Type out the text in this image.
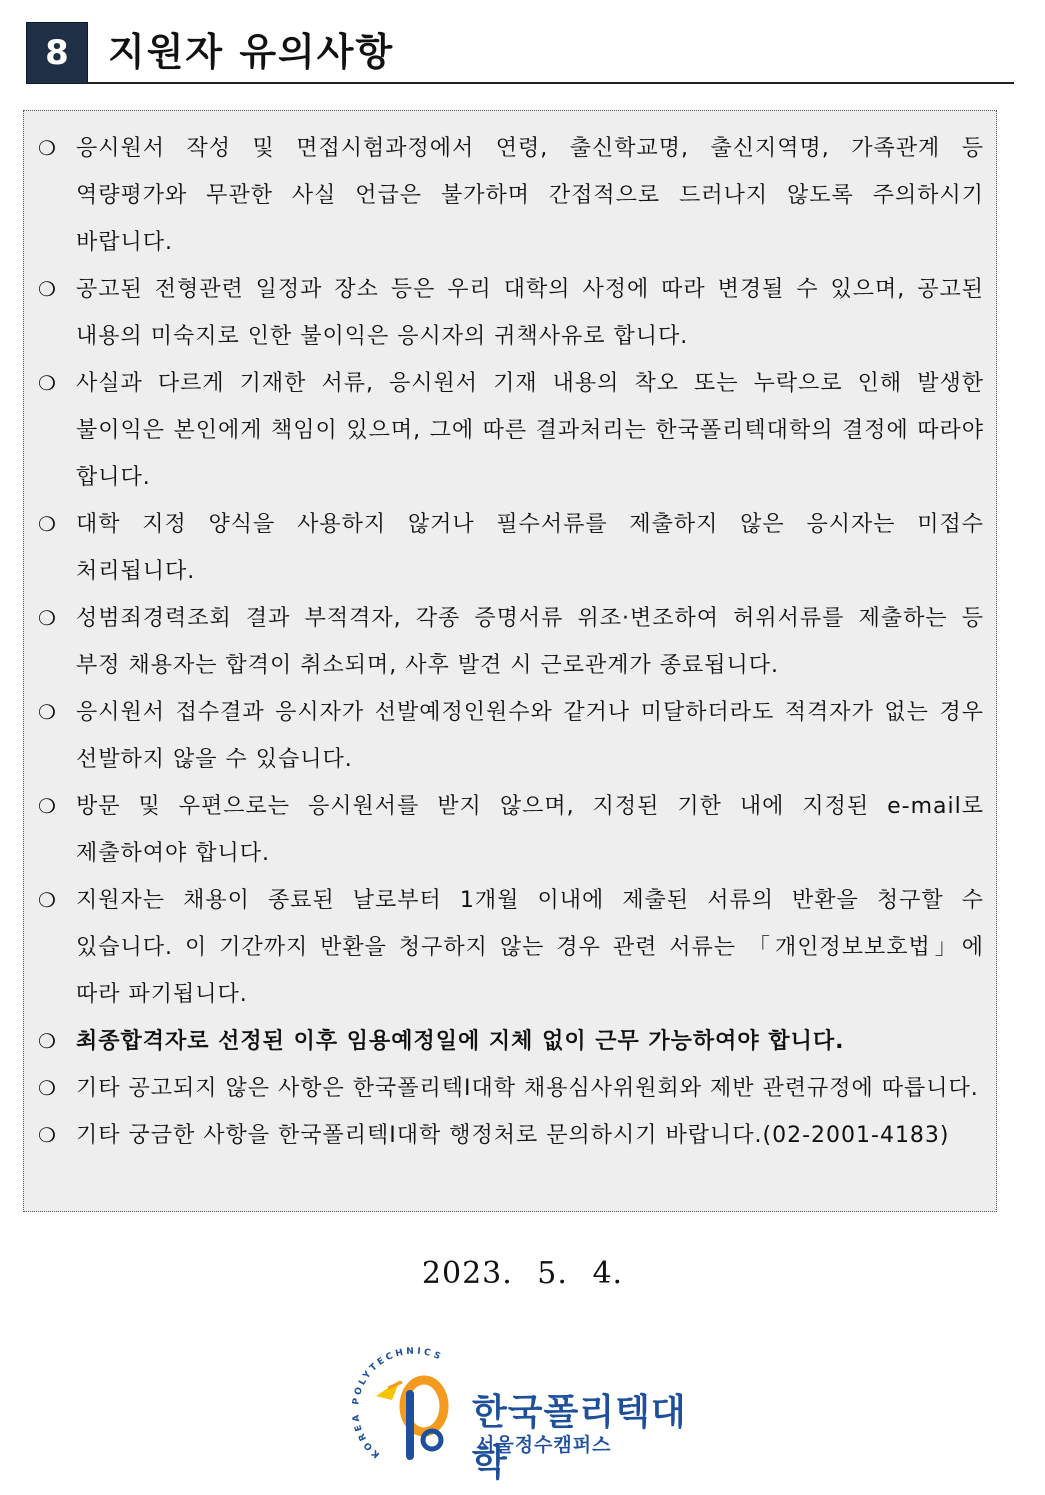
8	지원자 유의사항
❍ 응시원서 작성 및 면접시험과정에서 연령, 출신학교명, 출신지역명, 가족관계 등 역량평가와 무관한 사실 언급은 불가하며 간접적으로 드러나지 않도록 주의하시기 바랍니다.
❍ 공고된 전형관련 일정과 장소 등은 우리 대학의 사정에 따라 변경될 수 있으며, 공고된 내용의 미숙지로 인한 불이익은 응시자의 귀책사유로 합니다.
❍ 사실과 다르게 기재한 서류, 응시원서 기재 내용의 착오 또는 누락으로 인해 발생한 불이익은 본인에게 책임이 있으며, 그에 따른 결과처리는 한국폴리텍대학의 결정에 따라야 합니다.
❍ 대학 지정 양식을 사용하지 않거나 필수서류를 제출하지 않은 응시자는 미접수 처리됩니다.
❍ 성범죄경력조회 결과 부적격자, 각종 증명서류 위조·변조하여 허위서류를 제출하는 등 부정 채용자는 합격이 취소되며, 사후 발견 시 근로관계가 종료됩니다.
❍ 응시원서 접수결과 응시자가 선발예정인원수와 같거나 미달하더라도 적격자가 없는 경우 선발하지 않을 수 있습니다.
❍ 방문 및 우편으로는 응시원서를 받지 않으며, 지정된 기한 내에 지정된 e-mail로 제출하여야 합니다.
❍ 지원자는 채용이 종료된 날로부터 1개월 이내에 제출된 서류의 반환을 청구할 수 있습니다. 이 기간까지 반환을 청구하지 않는 경우 관련 서류는 「개인정보보호법」에 따라 파기됩니다.
❍ 최종합격자로 선정된 이후 임용예정일에 지체 없이 근무 가능하여야 합니다.
❍ 기타 공고되지 않은 사항은 한국폴리텍I대학 채용심사위원회와 제반 관련규정에 따릅니다.
❍ 기타 궁금한 사항을 한국폴리텍I대학 행정처로 문의하시기 바랍니다.(02-2001-4183)
2023. 5. 4.
KOREA POLYTECHNICS
한국폴리텍대학
서울정수캠퍼스
